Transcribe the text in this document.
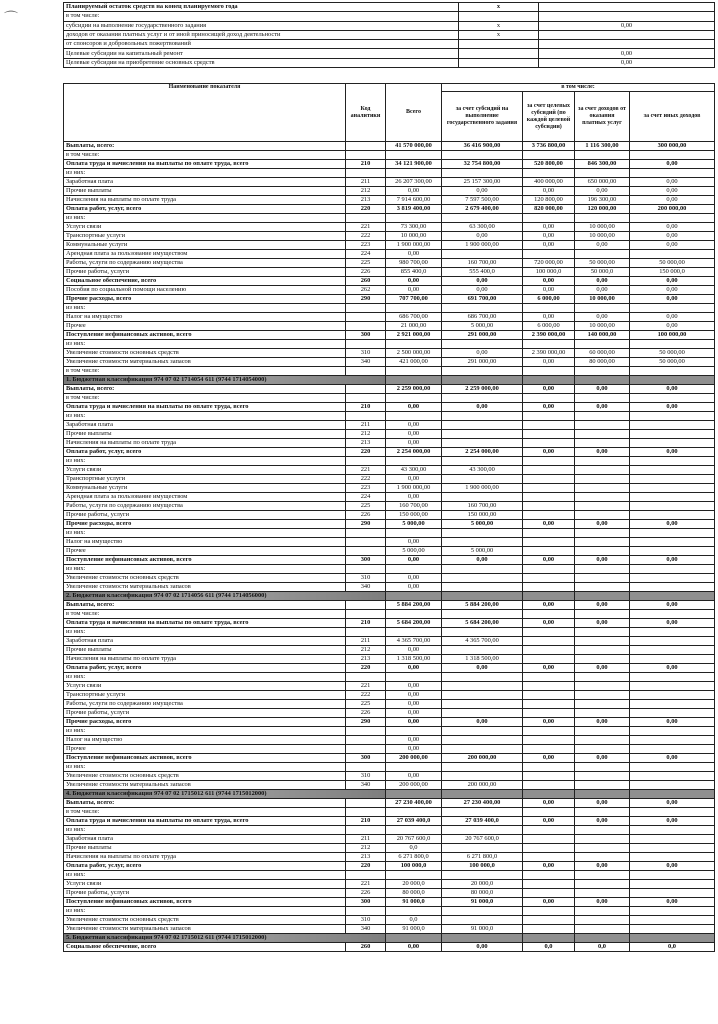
⌒
Планируемый остаток средств на конец планируемого года	х	
в том числе:		
субсидии на выполнение государственного задания	х	0,00
доходов от оказания платных услуг и от иной приносящей доход деятельности	х	
от спонсоров и добровольных пожертвований		
Целевые субсидии на капитальный ремонт		0,00
Целевые субсидии на приобретение основных средств		0,00
Наименование показателя	Код аналитики	Всего	в том числе:			
			за счет субсидий на выполнение государственного задания	за счет целевых субсидий (по каждой целевой субсидии)	за счет доходов от оказания платных услуг	за счет иных доходов
Выплаты, всего:		41 570 000,00	36 416 900,00	3 736 800,00	1 116 300,00	300 000,00
в том числе:						
Оплата труда и начисления на выплаты по оплате труда, всего	210	34 121 900,00	32 754 800,00	520 800,00	846 300,00	0,00
из них:						
Заработная плата	211	26 207 300,00	25 157 300,00	400 000,00	650 000,00	0,00
Прочие выплаты	212	0,00	0,00	0,00	0,00	0,00
Начисления на выплаты по оплате труда	213	7 914 600,00	7 597 500,00	120 800,00	196 300,00	0,00
Оплата работ, услуг, всего	220	3 819 400,00	2 679 400,00	820 000,00	120 000,00	200 000,00
из них:						
Услуги связи	221	73 300,00	63 300,00	0,00	10 000,00	0,00
Транспортные услуги	222	10 000,00	0,00	0,00	10 000,00	0,00
Коммунальные услуги	223	1 900 000,00	1 900 000,00	0,00	0,00	0,00
Арендная плата за пользование имуществом	224	0,00				
Работы, услуги по содержанию имущества	225	980 700,00	160 700,00	720 000,00	50 000,00	50 000,00
Прочие работы, услуги	226	855 400,0	555 400,0	100 000,0	50 000,0	150 000,0
Социальное обеспечение, всего	260	0,00	0,00	0,00	0,00	0,00
Пособия по социальной помощи населению	262	0,00	0,00	0,00	0,00	0,00
Прочие расходы, всего	290	707 700,00	691 700,00	6 000,00	10 000,00	0,00
из них:						
Налог на имущество		686 700,00	686 700,00	0,00	0,00	0,00
Прочее		21 000,00	5 000,00	6 000,00	10 000,00	0,00
Поступление нефинансовых активов, всего	300	2 921 000,00	291 000,00	2 390 000,00	140 000,00	100 000,00
из них:						
Увеличение стоимости основных средств	310	2 500 000,00	0,00	2 390 000,00	60 000,00	50 000,00
Увеличение стоимости материальных запасов	340	421 000,00	291 000,00	0,00	80 000,00	50 000,00
в том числе:						
1. Бюджетная классификация 974 07 02 1714054 611 (9744 1714054000)						
Выплаты, всего:		2 259 000,00	2 259 000,00	0,00	0,00	0,00
в том числе:						
Оплата труда и начисления на выплаты по оплате труда, всего	210	0,00	0,00	0,00	0,00	0,00
из них:						
Заработная плата	211	0,00				
Прочие выплаты	212	0,00				
Начисления на выплаты по оплате труда	213	0,00				
Оплата работ, услуг, всего	220	2 254 000,00	2 254 000,00	0,00	0,00	0,00
из них:						
Услуги связи	221	43 300,00	43 300,00			
Транспортные услуги	222	0,00				
Коммунальные услуги	223	1 900 000,00	1 900 000,00			
Арендная плата за пользование имуществом	224	0,00				
Работы, услуги по содержанию имущества	225	160 700,00	160 700,00			
Прочие работы, услуги	226	150 000,00	150 000,00			
Прочие расходы, всего	290	5 000,00	5 000,00	0,00	0,00	0,00
из них:						
Налог на имущество		0,00				
Прочее		5 000,00	5 000,00			
Поступление нефинансовых активов, всего	300	0,00	0,00	0,00	0,00	0,00
из них:						
Увеличение стоимости основных средств	310	0,00				
Увеличение стоимости материальных запасов	340	0,00				
2. Бюджетная классификация 974 07 02 1714056 611 (9744 1714056000)						
Выплаты, всего:		5 884 200,00	5 884 200,00	0,00	0,00	0,00
в том числе:						
Оплата труда и начисления на выплаты по оплате труда, всего	210	5 684 200,00	5 684 200,00	0,00	0,00	0,00
из них:						
Заработная плата	211	4 365 700,00	4 365 700,00			
Прочие выплаты	212	0,00				
Начисления на выплаты по оплате труда	213	1 318 500,00	1 318 500,00			
Оплата работ, услуг, всего	220	0,00	0,00	0,00	0,00	0,00
из них:						
Услуги связи	221	0,00				
Транспортные услуги	222	0,00				
Работы, услуги по содержанию имущества	225	0,00				
Прочие работы, услуги	226	0,00				
Прочие расходы, всего	290	0,00	0,00	0,00	0,00	0,00
из них:						
Налог на имущество		0,00				
Прочее		0,00				
Поступление нефинансовых активов, всего	300	200 000,00	200 000,00	0,00	0,00	0,00
из них:						
Увеличение стоимости основных средств	310	0,00				
Увеличение стоимости материальных запасов	340	200 000,00	200 000,00			
4. Бюджетная классификация 974 07 02 1715012 611 (9744 1715012000)						
Выплаты, всего:		27 230 400,00	27 230 400,00	0,00	0,00	0,00
в том числе:						
Оплата труда и начисления на выплаты по оплате труда, всего	210	27 039 400,0	27 039 400,0	0,00	0,00	0,00
из них:						
Заработная плата	211	20 767 600,0	20 767 600,0			
Прочие выплаты	212	0,0				
Начисления на выплаты по оплате труда	213	6 271 800,0	6 271 800,0			
Оплата работ, услуг, всего	220	100 000,0	100 000,0	0,00	0,00	0,00
из них:						
Услуги связи	221	20 000,0	20 000,0			
Прочие работы, услуги	226	80 000,0	80 000,0			
Поступление нефинансовых активов, всего	300	91 000,0	91 000,0	0,00	0,00	0,00
из них:						
Увеличение стоимости основных средств	310	0,0				
Увеличение стоимости материальных запасов	340	91 000,0	91 000,0			
5. Бюджетная классификация 974 07 02 1715012 611 (9744 1715012000)						
Социальное обеспечение, всего	260	0,00	0,00	0,0	0,0	0,0
